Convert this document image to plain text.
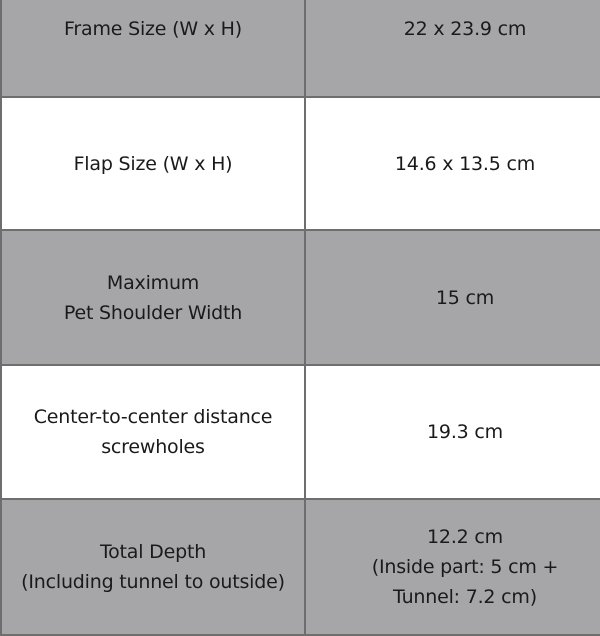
Frame Size (W x H)	22 x 23.9 cm

Flap Size (W x H)	14.6 x 13.5 cm

Maximum
Pet Shoulder Width	15 cm

Center-to-center distance
screwholes	19.3 cm

Total Depth
(Including tunnel to outside)	12.2 cm
(Inside part: 5 cm +
Tunnel: 7.2 cm)
